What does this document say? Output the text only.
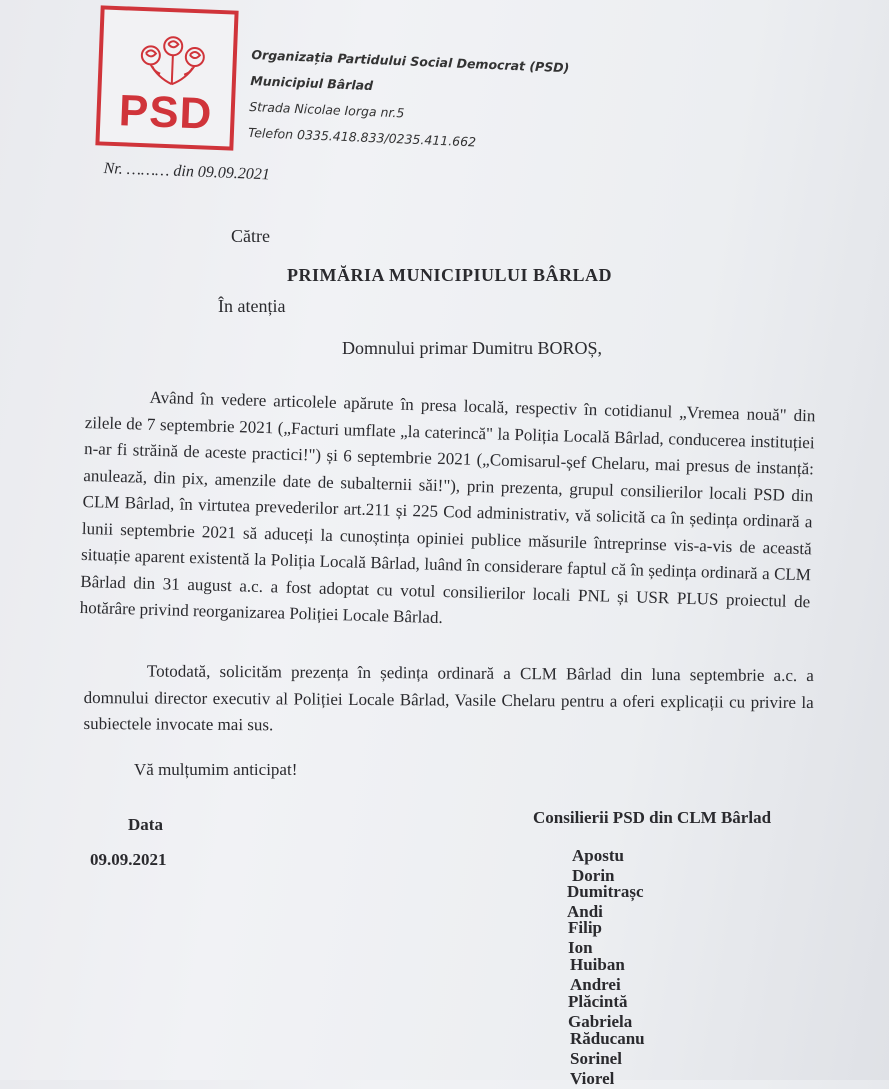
PSD
Organizația Partidului Social Democrat (PSD)
Municipiul Bârlad
Strada Nicolae Iorga nr.5
Telefon 0335.418.833/0235.411.662
Nr. ……… din 09.09.2021
Către
PRIMĂRIA MUNICIPIULUI BÂRLAD
În atenția
Domnului primar Dumitru BOROȘ,
Având în vedere articolele apărute în presa locală, respectiv în cotidianul „Vremea nouă" din zilele de 7 septembrie 2021 („Facturi umflate „la caterincă" la Poliția Locală Bârlad, conducerea instituției n-ar fi străină de aceste practici!") și 6 septembrie 2021 („Comisarul-șef Chelaru, mai presus de instanță: anulează, din pix, amenzile date de subalternii săi!"), prin prezenta, grupul consilierilor locali PSD din CLM Bârlad, în virtutea prevederilor art.211 și 225 Cod administrativ, vă solicită ca în ședința ordinară a lunii septembrie 2021 să aduceți la cunoștința opiniei publice măsurile întreprinse vis-a-vis de această situație aparent existentă la Poliția Locală Bârlad, luând în considerare faptul că în ședința ordinară a CLM Bârlad din 31 august a.c. a fost adoptat cu votul consilierilor locali PNL și USR PLUS proiectul de hotărâre privind reorganizarea Poliției Locale Bârlad.
Totodată, solicităm prezența în ședința ordinară a CLM Bârlad din luna septembrie a.c. a domnului director executiv al Poliției Locale Bârlad, Vasile Chelaru pentru a oferi explicații cu privire la subiectele invocate mai sus.
Vă mulțumim anticipat!
Data
09.09.2021
Consilierii PSD din CLM Bârlad
Apostu Dorin
Dumitrașc Andi
Filip Ion
Huiban Andrei
Plăcintă Gabriela
Răducanu Sorinel Viorel
